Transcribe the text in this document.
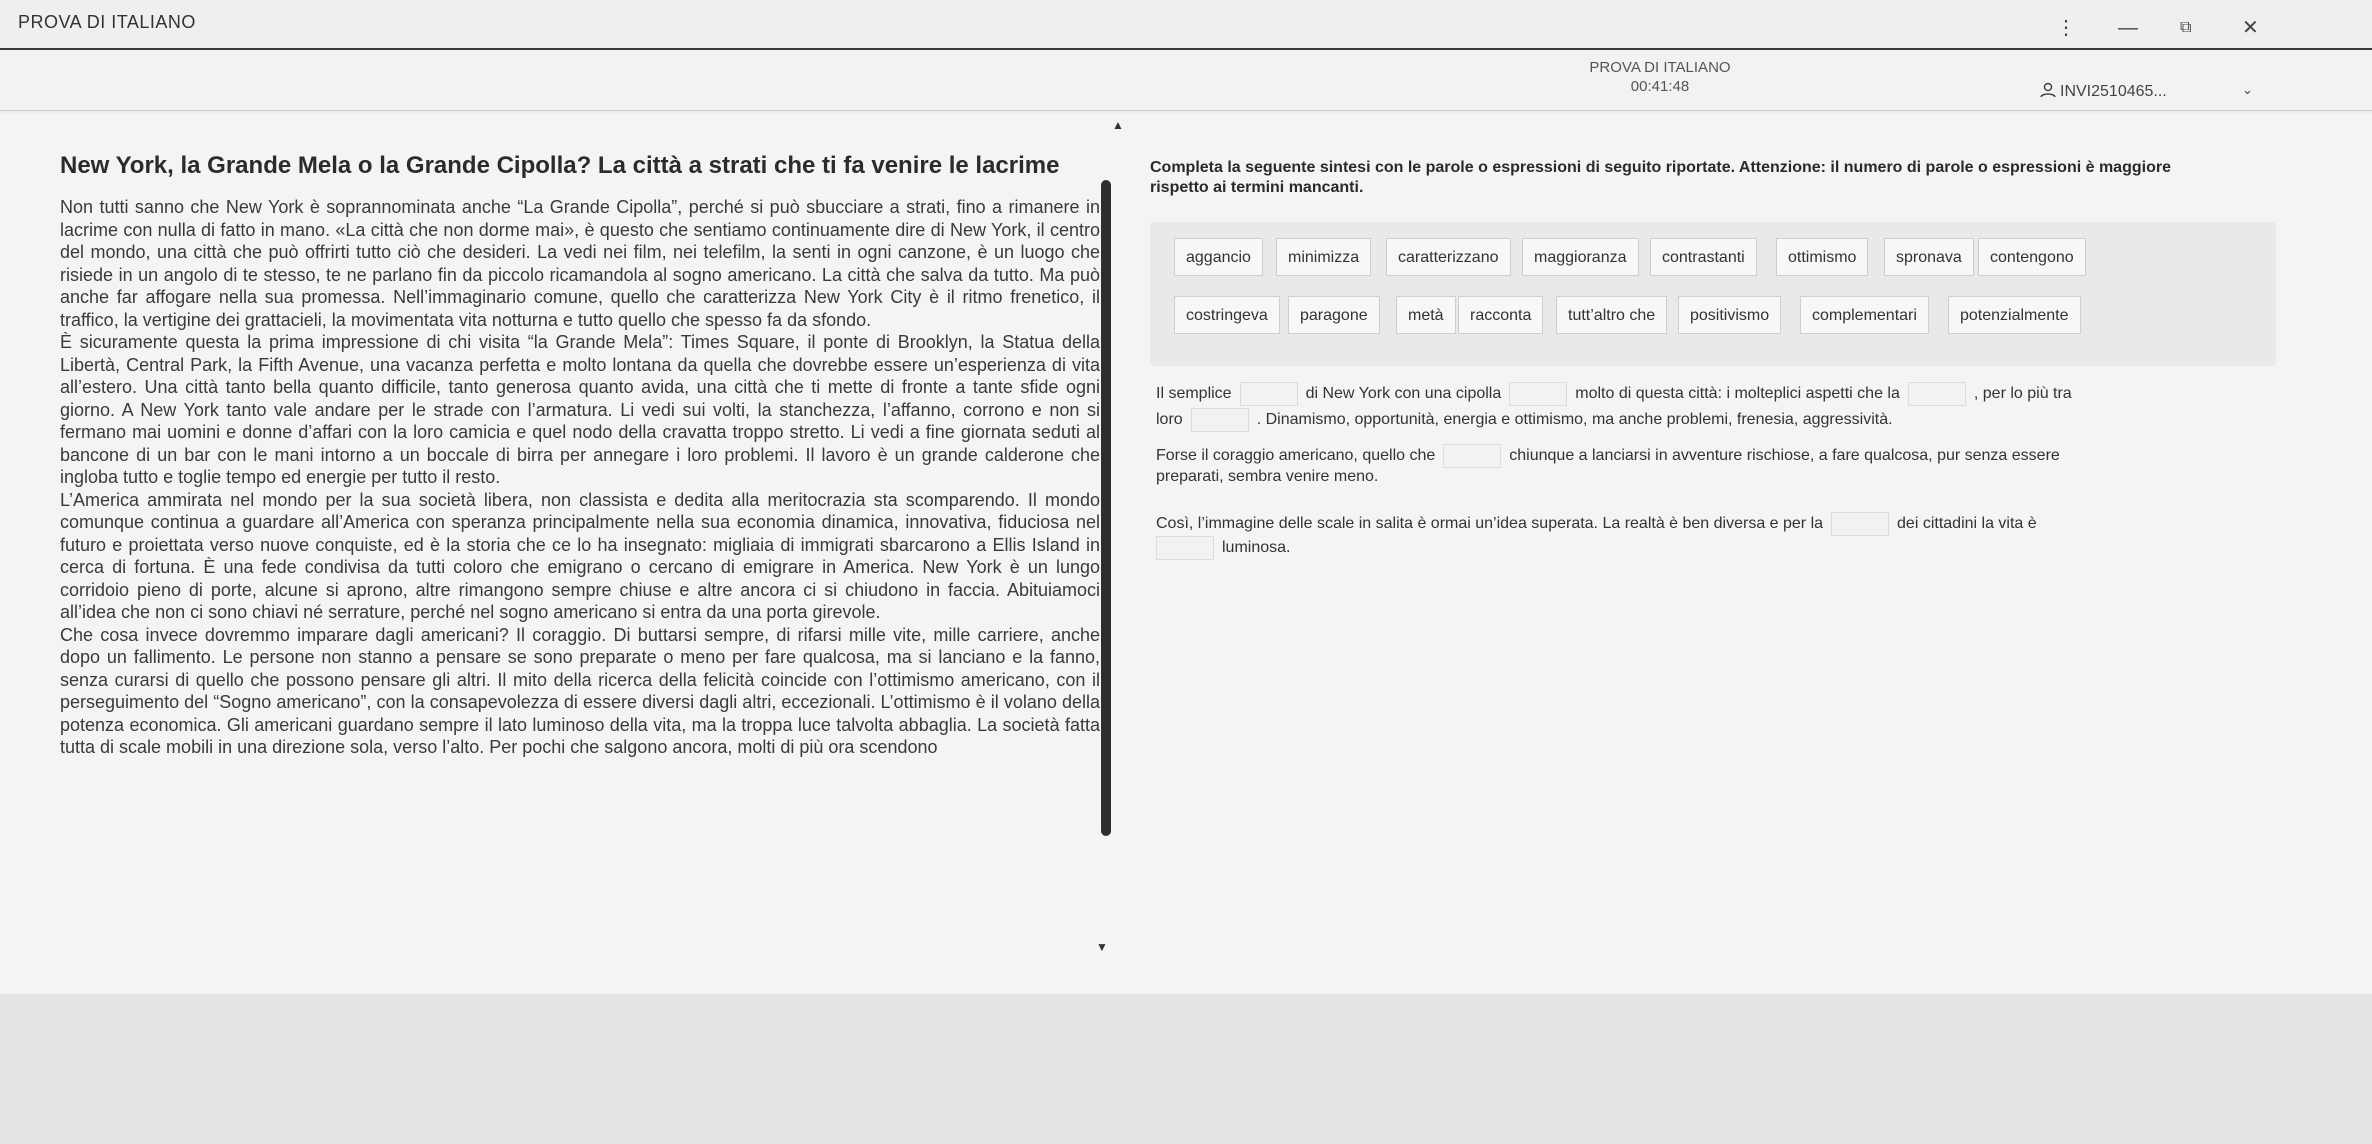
PROVA DI ITALIANO	⋮ —	⧉	✕
PROVA DI ITALIANO
00:41:48	INVI2510465...	⌄
New York, la Grande Mela o la Grande Cipolla? La città a strati che ti fa venire le lacrime
Non tutti sanno che New York è soprannominata anche “La Grande Cipolla”, perché si può sbucciare a strati, fino a rimanere in lacrime con nulla di fatto in mano. «La città che non dorme mai», è questo che sentiamo continuamente dire di New York, il centro del mondo, una città che può offrirti tutto ciò che desideri. La vedi nei film, nei telefilm, la senti in ogni canzone, è un luogo che risiede in un angolo di te stesso, te ne parlano fin da piccolo ricamandola al sogno americano. La città che salva da tutto. Ma può anche far affogare nella sua promessa. Nell’immaginario comune, quello che caratterizza New York City è il ritmo frenetico, il traffico, la vertigine dei grattacieli, la movimentata vita notturna e tutto quello che spesso fa da sfondo.
È sicuramente questa la prima impressione di chi visita “la Grande Mela”: Times Square, il ponte di Brooklyn, la Statua della Libertà, Central Park, la Fifth Avenue, una vacanza perfetta e molto lontana da quella che dovrebbe essere un’esperienza di vita all’estero. Una città tanto bella quanto difficile, tanto generosa quanto avida, una città che ti mette di fronte a tante sfide ogni giorno. A New York tanto vale andare per le strade con l’armatura. Li vedi sui volti, la stanchezza, l’affanno, corrono e non si fermano mai uomini e donne d’affari con la loro camicia e quel nodo della cravatta troppo stretto. Li vedi a fine giornata seduti al bancone di un bar con le mani intorno a un boccale di birra per annegare i loro problemi. Il lavoro è un grande calderone che ingloba tutto e toglie tempo ed energie per tutto il resto.
L’America ammirata nel mondo per la sua società libera, non classista e dedita alla meritocrazia sta scomparendo. Il mondo comunque continua a guardare all’America con speranza principalmente nella sua economia dinamica, innovativa, fiduciosa nel futuro e proiettata verso nuove conquiste, ed è la storia che ce lo ha insegnato: migliaia di immigrati sbarcarono a Ellis Island in cerca di fortuna. È una fede condivisa da tutti coloro che emigrano o cercano di emigrare in America. New York è un lungo corridoio pieno di porte, alcune si aprono, altre rimangono sempre chiuse e altre ancora ci si chiudono in faccia. Abituiamoci all’idea che non ci sono chiavi né serrature, perché nel sogno americano si entra da una porta girevole.
Che cosa invece dovremmo imparare dagli americani? Il coraggio. Di buttarsi sempre, di rifarsi mille vite, mille carriere, anche dopo un fallimento. Le persone non stanno a pensare se sono preparate o meno per fare qualcosa, ma si lanciano e la fanno, senza curarsi di quello che possono pensare gli altri. Il mito della ricerca della felicità coincide con l’ottimismo americano, con il perseguimento del “Sogno americano”, con la consapevolezza di essere diversi dagli altri, eccezionali. L’ottimismo è il volano della potenza economica. Gli americani guardano sempre il lato luminoso della vita, ma la troppa luce talvolta abbaglia. La società fatta tutta di scale mobili in una direzione sola, verso l’alto. Per pochi che salgono ancora, molti di più ora scendono
▲
▼
Completa la seguente sintesi con le parole o espressioni di seguito riportate. Attenzione: il numero di parole o espressioni è maggiore rispetto ai termini mancanti.
aggancio	minimizza	caratterizzano	maggioranza	contrastanti	ottimismo	spronava	contengono
costringeva	paragone	metà	racconta	tutt’altro che	positivismo	complementari	potenzialmente
Il semplice	di New York con una cipolla	molto di questa città: i molteplici aspetti che la	, per lo più tra
loro	. Dinamismo, opportunità, energia e ottimismo, ma anche problemi, frenesia, aggressività.
Forse il coraggio americano, quello che	chiunque a lanciarsi in avventure rischiose, a fare qualcosa, pur senza essere
preparati, sembra venire meno.
Così, l’immagine delle scale in salita è ormai un’idea superata. La realtà è ben diversa e per la	dei cittadini la vita è
luminosa.
